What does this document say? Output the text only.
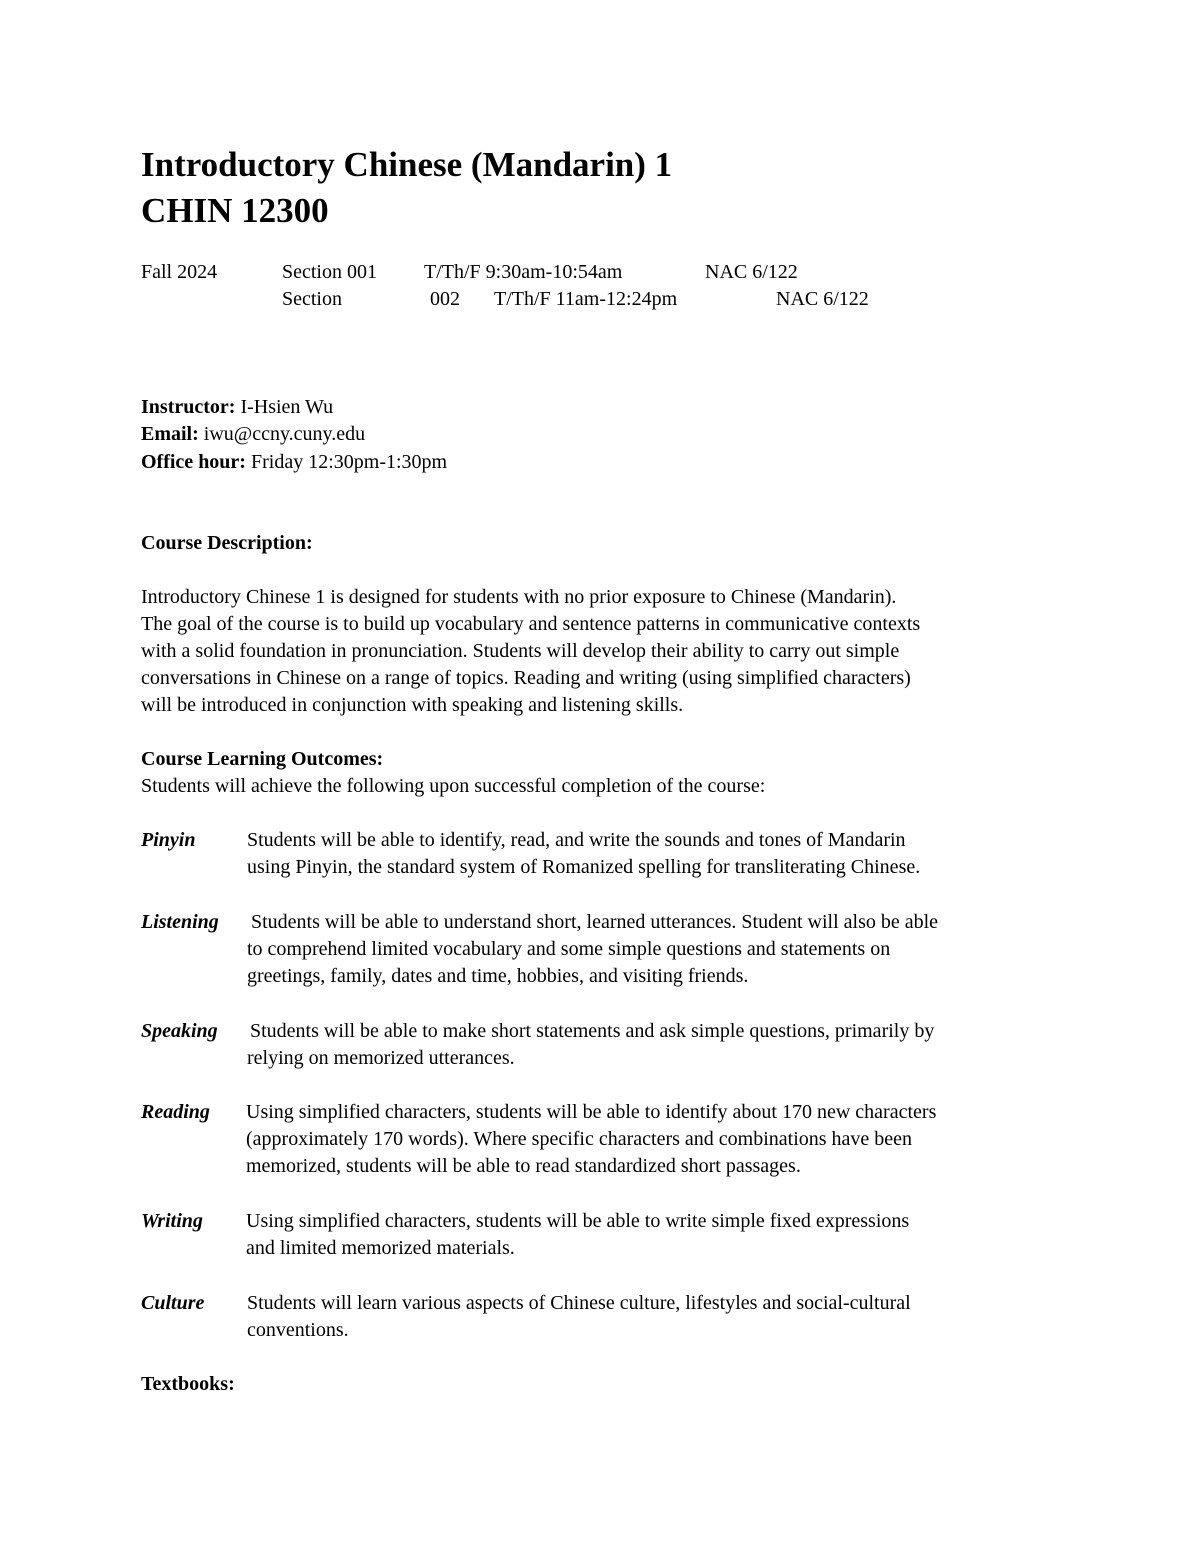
Introductory Chinese (Mandarin) 1
CHIN 12300
Fall 2024	Section 001 T/Th/F 9:30am-10:54am	NAC 6/122
Section	002 T/Th/F 11am-12:24pm	NAC 6/122
Instructor: I-Hsien Wu
Email: iwu@ccny.cuny.edu
Office hour: Friday 12:30pm-1:30pm
Course Description:
Introductory Chinese 1 is designed for students with no prior exposure to Chinese (Mandarin).
The goal of the course is to build up vocabulary and sentence patterns in communicative contexts
with a solid foundation in pronunciation. Students will develop their ability to carry out simple
conversations in Chinese on a range of topics. Reading and writing (using simplified characters)
will be introduced in conjunction with speaking and listening skills.
Course Learning Outcomes:
Students will achieve the following upon successful completion of the course:
Pinyin	Students will be able to identify, read, and write the sounds and tones of Mandarin
using Pinyin, the standard system of Romanized spelling for transliterating Chinese.
Listening Students will be able to understand short, learned utterances. Student will also be able
to comprehend limited vocabulary and some simple questions and statements on
greetings, family, dates and time, hobbies, and visiting friends.
Speaking Students will be able to make short statements and ask simple questions, primarily by
relying on memorized utterances.
Reading Using simplified characters, students will be able to identify about 170 new characters
(approximately 170 words). Where specific characters and combinations have been
memorized, students will be able to read standardized short passages.
Writing Using simplified characters, students will be able to write simple fixed expressions
and limited memorized materials.
Culture Students will learn various aspects of Chinese culture, lifestyles and social-cultural
conventions.
Textbooks:
